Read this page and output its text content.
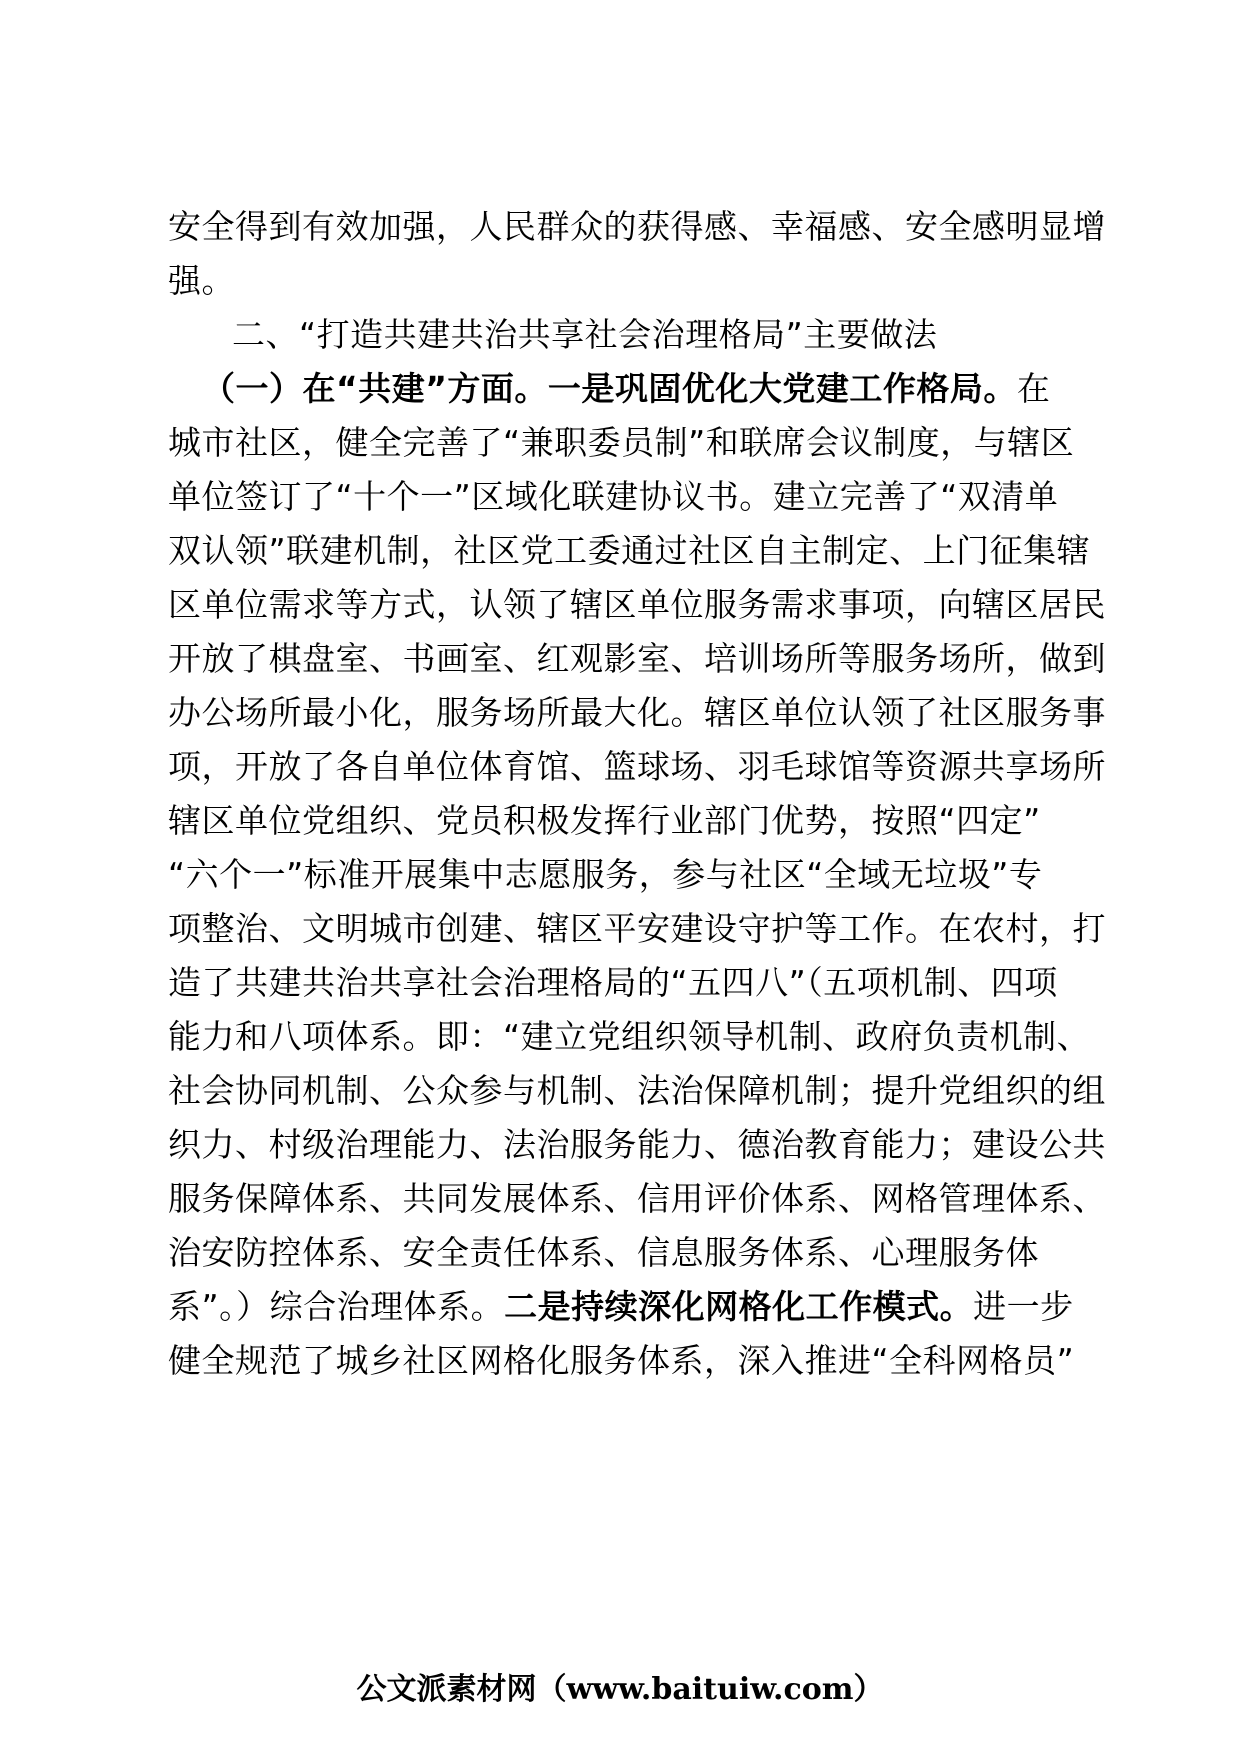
安全得到有效加强，人民群众的获得感、幸福感、安全感明显增
强。
二、“打造共建共治共享社会治理格局”主要做法
（一）在“共建”方面。一是巩固优化大党建工作格局。在
城市社区，健全完善了“兼职委员制”和联席会议制度，与辖区
单位签订了“十个一”区域化联建协议书。建立完善了“双清单
双认领”联建机制，社区党工委通过社区自主制定、上门征集辖
区单位需求等方式，认领了辖区单位服务需求事项，向辖区居民
开放了棋盘室、书画室、红观影室、培训场所等服务场所，做到
办公场所最小化，服务场所最大化。辖区单位认领了社区服务事
项，开放了各自单位体育馆、篮球场、羽毛球馆等资源共享场所
辖区单位党组织、党员积极发挥行业部门优势，按照“四定”
“六个一”标准开展集中志愿服务，参与社区“全域无垃圾”专
项整治、文明城市创建、辖区平安建设守护等工作。在农村，打
造了共建共治共享社会治理格局的“五四八”（五项机制、四项
能力和八项体系。即：“建立党组织领导机制、政府负责机制、
社会协同机制、公众参与机制、法治保障机制；提升党组织的组
织力、村级治理能力、法治服务能力、德治教育能力；建设公共
服务保障体系、共同发展体系、信用评价体系、网格管理体系、
治安防控体系、安全责任体系、信息服务体系、心理服务体
系”。）综合治理体系。二是持续深化网格化工作模式。进一步
健全规范了城乡社区网格化服务体系，深入推进“全科网格员”
公文派素材网（www.baituiw.com）
